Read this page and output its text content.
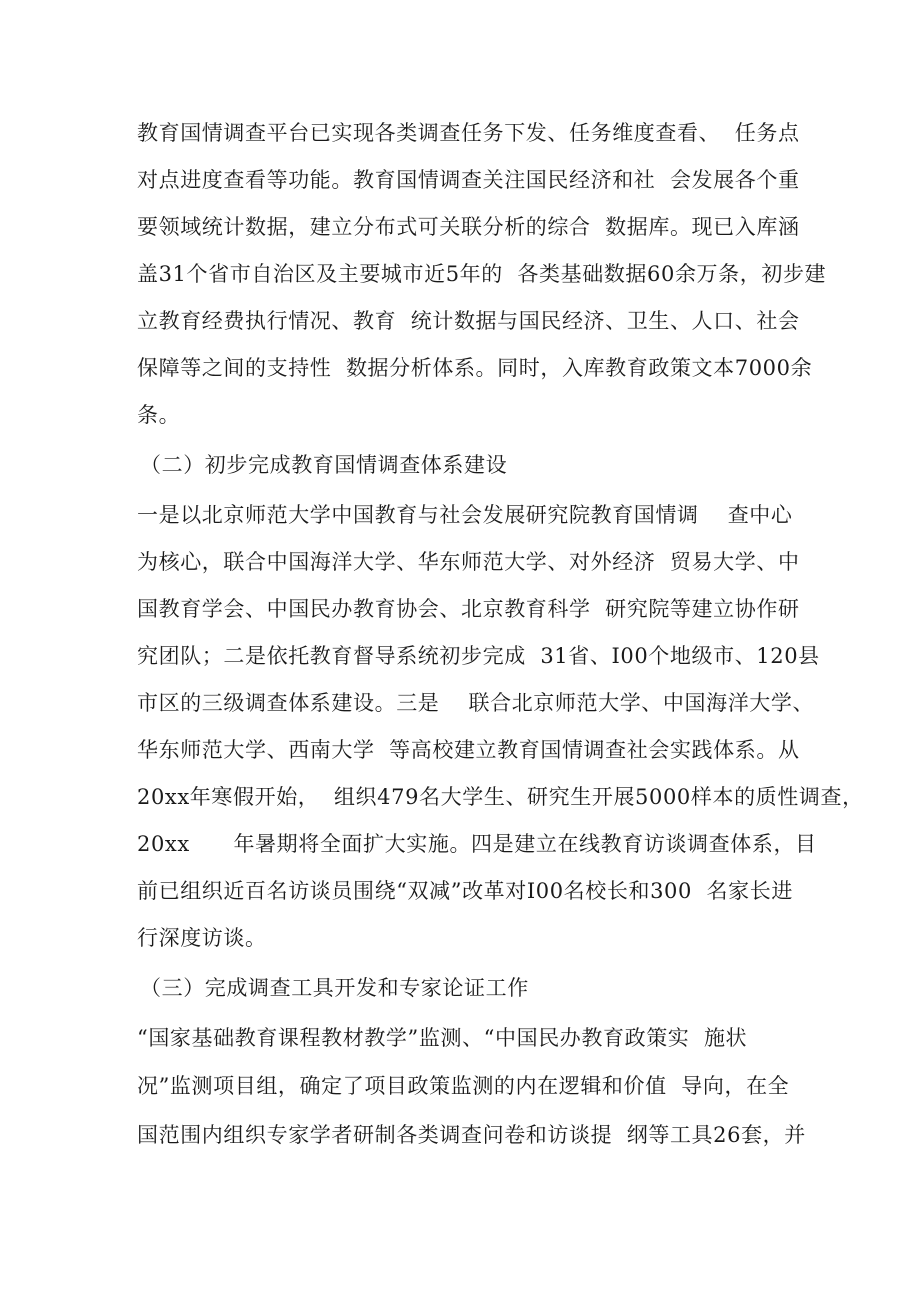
教育国情调查平台已实现各类调查任务下发、任务维度查看、  任务点
对点进度查看等功能。教育国情调查关注国民经济和社  会发展各个重
要领域统计数据，建立分布式可关联分析的综合  数据库。现已入库涵
盖31个省市自治区及主要城市近5年的  各类基础数据60余万条，初步建
立教育经费执行情况、教育  统计数据与国民经济、卫生、人口、社会
保障等之间的支持性  数据分析体系。同时，入库教育政策文本7000余
条。
（二）初步完成教育国情调查体系建设
一是以北京师范大学中国教育与社会发展研究院教育国情调    查中心
为核心，联合中国海洋大学、华东师范大学、对外经济  贸易大学、中
国教育学会、中国民办教育协会、北京教育科学  研究院等建立协作研
究团队；二是依托教育督导系统初步完成  31省、I00个地级市、120县
市区的三级调查体系建设。三是    联合北京师范大学、中国海洋大学、
华东师范大学、西南大学  等高校建立教育国情调查社会实践体系。从
20xx年寒假开始，  组织479名大学生、研究生开展5000样本的质性调查，
20xx      年暑期将全面扩大实施。四是建立在线教育访谈调查体系，目
前已组织近百名访谈员围绕“双减”改革对I00名校长和300  名家长进
行深度访谈。
（三）完成调查工具开发和专家论证工作
“国家基础教育课程教材教学”监测、“中国民办教育政策实  施状
况”监测项目组，确定了项目政策监测的内在逻辑和价值  导向，在全
国范围内组织专家学者研制各类调查问卷和访谈提  纲等工具26套，并
